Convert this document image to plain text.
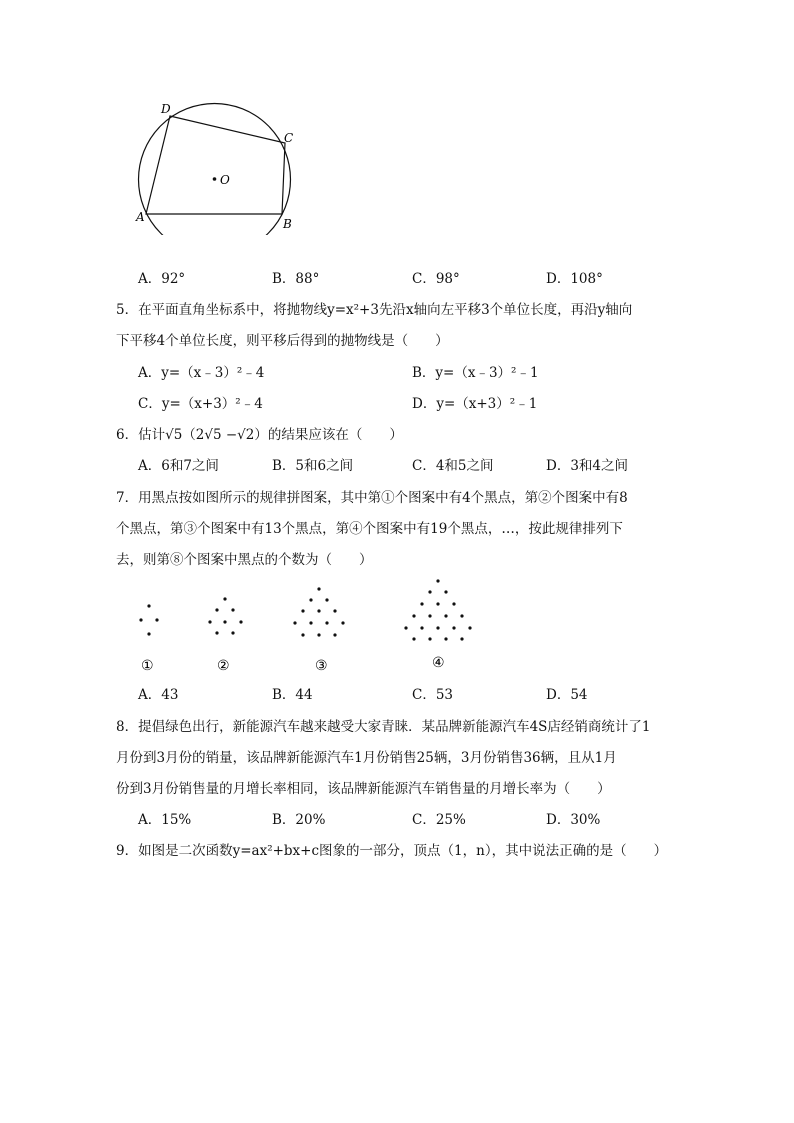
A	B
C
D
O
A．92°	B．88°	C．98°	D．108°
5．在平面直角坐标系中，将抛物线y=x²+3先沿x轴向左平移3个单位长度，再沿y轴向
下平移4个单位长度，则平移后得到的抛物线是（　　）
A．y=（x﹣3）²﹣4	B．y=（x﹣3）²﹣1
C．y=（x+3）²﹣4	D．y=（x+3）²﹣1
6．估计√5（2√5 −√2）的结果应该在（　　）
A．6和7之间	B．5和6之间	C．4和5之间	D．3和4之间
7．用黑点按如图所示的规律拼图案，其中第①个图案中有4个黑点，第②个图案中有8
个黑点，第③个图案中有13个黑点，第④个图案中有19个黑点，…，按此规律排列下
去，则第⑧个图案中黑点的个数为（　　）
①	②	③	④
A．43	B．44	C．53	D．54
8．提倡绿色出行，新能源汽车越来越受大家青睐．某品牌新能源汽车4S店经销商统计了1
月份到3月份的销量，该品牌新能源汽车1月份销售25辆，3月份销售36辆，且从1月
份到3月份销售量的月增长率相同，该品牌新能源汽车销售量的月增长率为（　　）
A．15%	B．20%	C．25%	D．30%
9．如图是二次函数y=ax²+bx+c图象的一部分，顶点（1，n），其中说法正确的是（　　）
